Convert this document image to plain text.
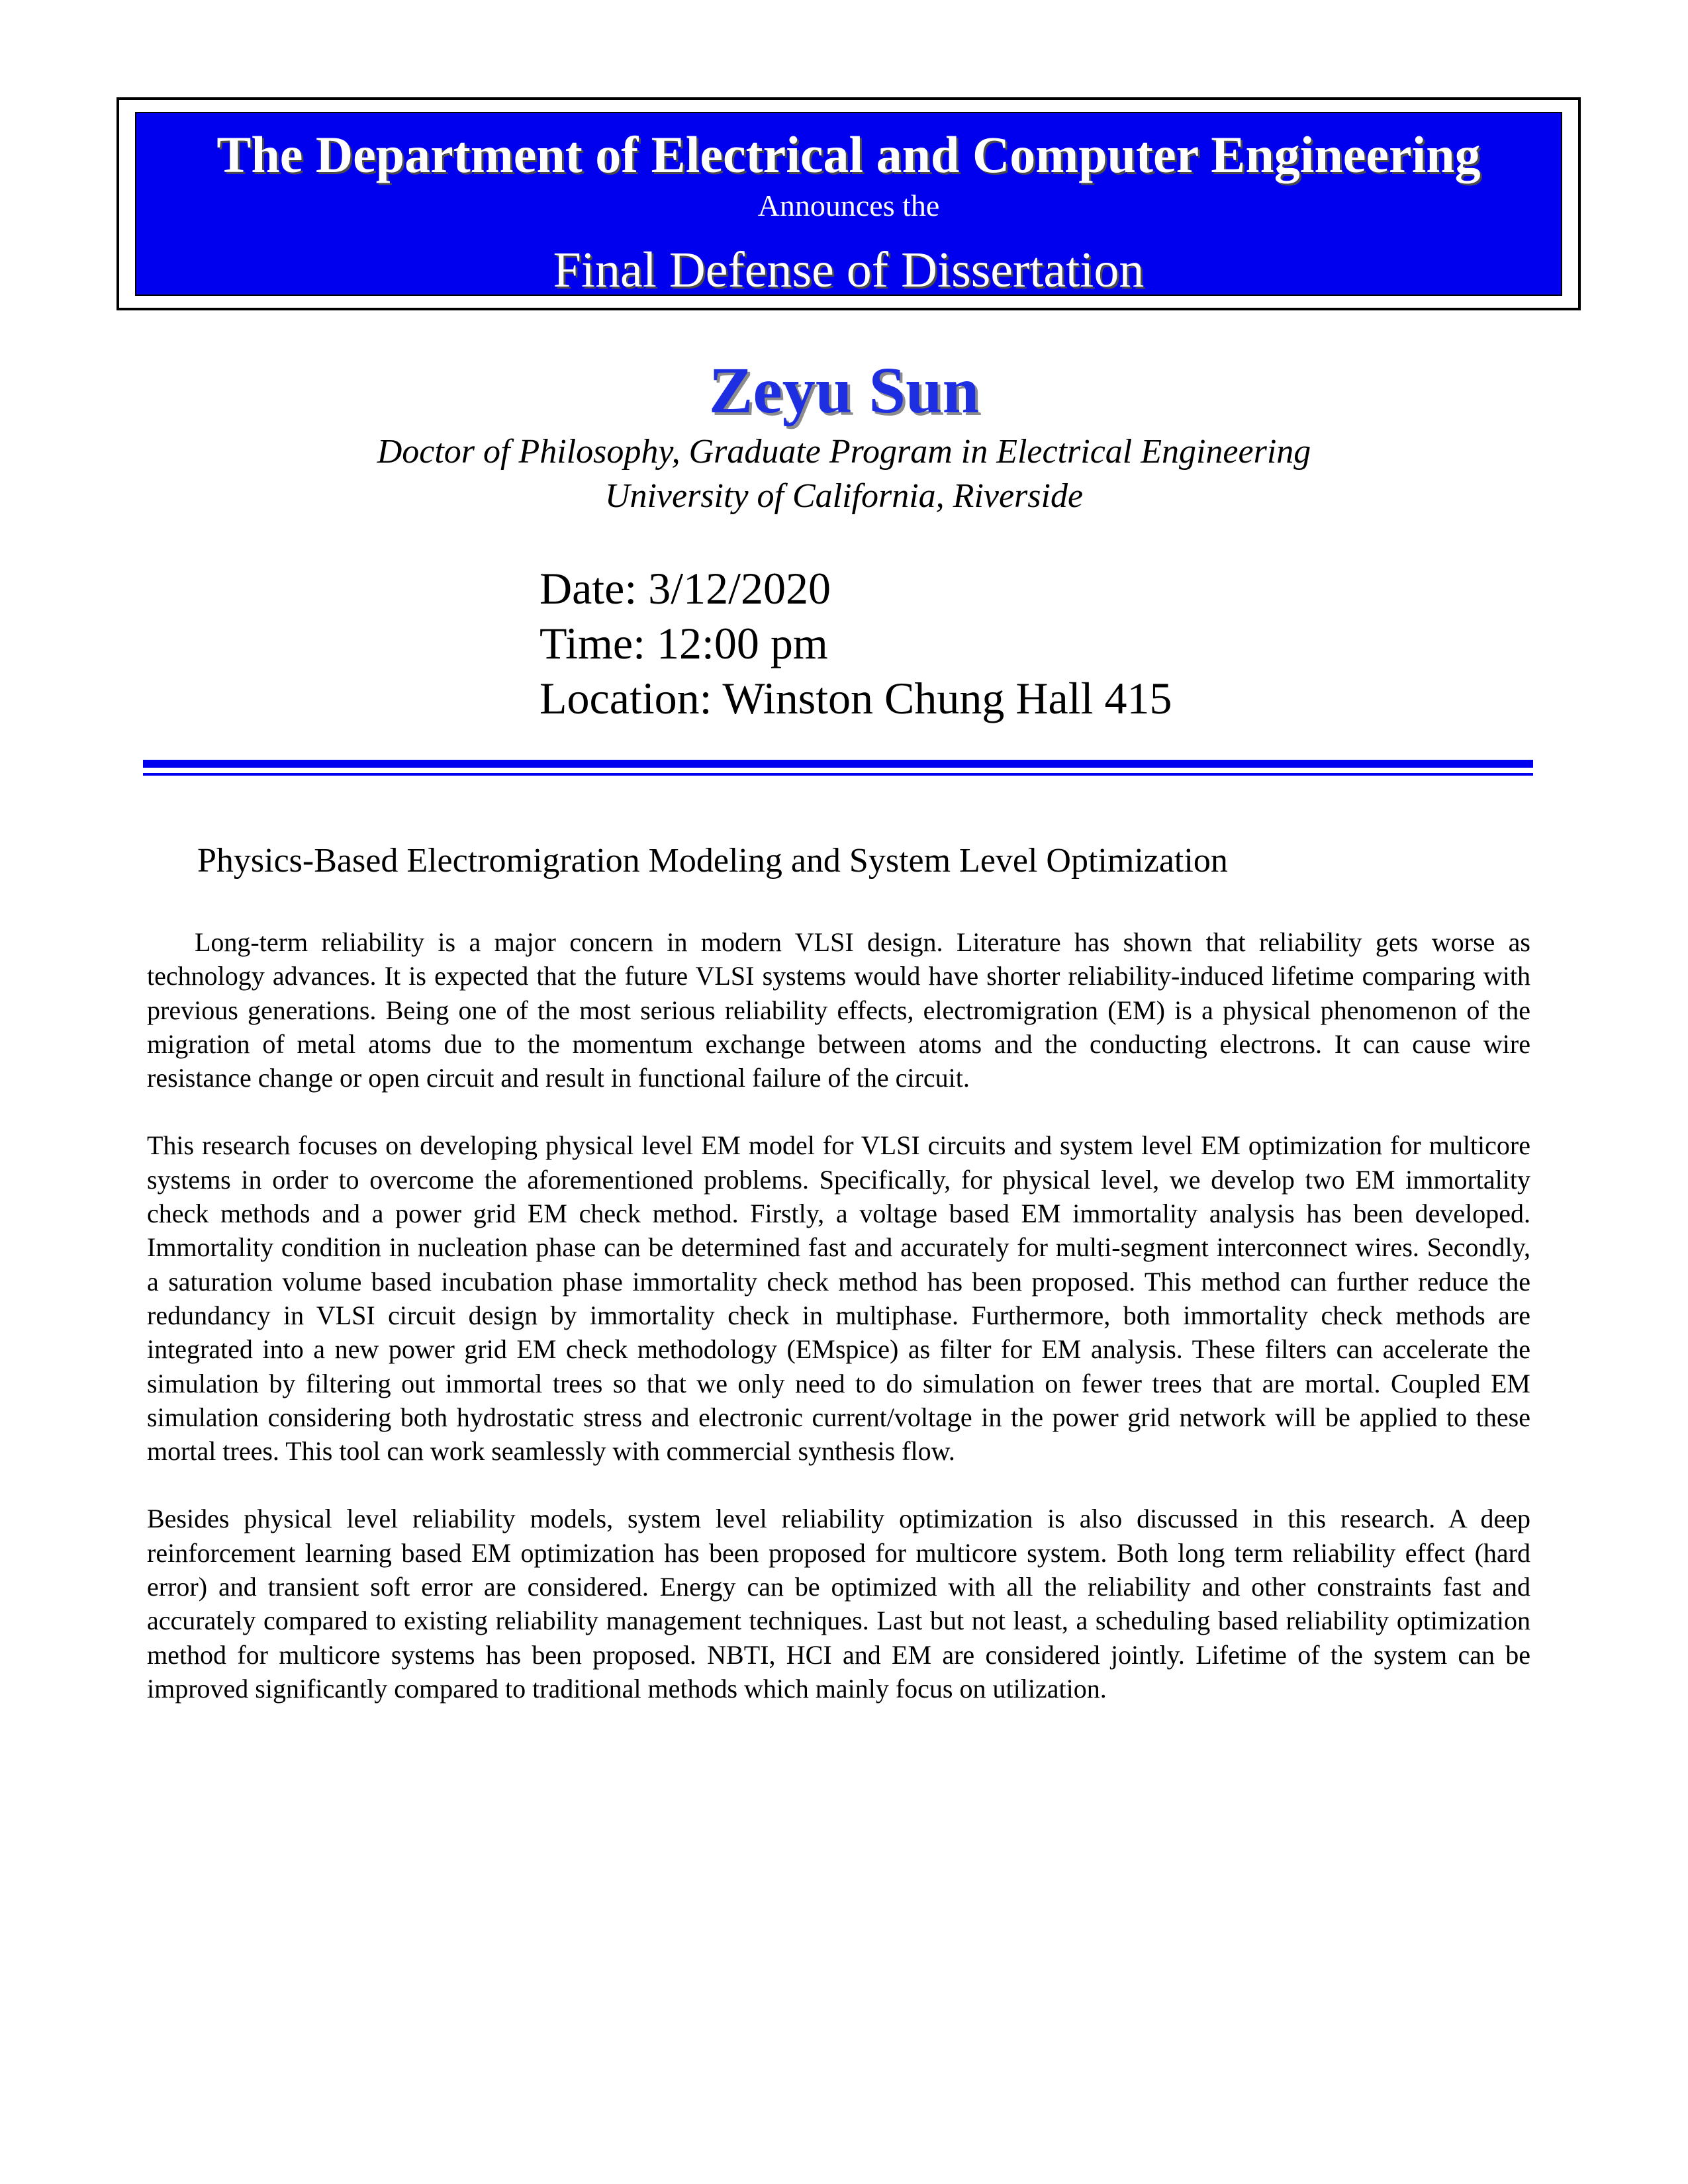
The Department of Electrical and Computer Engineering
Announces the
Final Defense of Dissertation
Zeyu Sun
Doctor of Philosophy, Graduate Program in Electrical Engineering
University of California, Riverside
Date: 3/12/2020
Time: 12:00 pm
Location: Winston Chung Hall 415
Physics-Based Electromigration Modeling and System Level Optimization

Long-term reliability is a major concern in modern VLSI design. Literature has shown that reliability gets worse as technology advances. It is expected that the future VLSI systems would have shorter reliability-induced lifetime comparing with previous generations. Being one of the most serious reliability effects, electromigration (EM) is a physical phenomenon of the migration of metal atoms due to the momentum exchange between atoms and the conducting electrons. It can cause wire resistance change or open circuit and result in functional failure of the circuit.

This research focuses on developing physical level EM model for VLSI circuits and system level EM optimization for multicore systems in order to overcome the aforementioned problems. Specifically, for physical level, we develop two EM immortality check methods and a power grid EM check method. Firstly, a voltage based EM immortality analysis has been developed. Immortality condition in nucleation phase can be determined fast and accurately for multi-segment interconnect wires. Secondly, a saturation volume based incubation phase immortality check method has been proposed. This method can further reduce the redundancy in VLSI circuit design by immortality check in multiphase. Furthermore, both immortality check methods are integrated into a new power grid EM check methodology (EMspice) as filter for EM analysis. These filters can accelerate the simulation by filtering out immortal trees so that we only need to do simulation on fewer trees that are mortal. Coupled EM simulation considering both hydrostatic stress and electronic current/voltage in the power grid network will be applied to these mortal trees. This tool can work seamlessly with commercial synthesis flow.

Besides physical level reliability models, system level reliability optimization is also discussed in this research. A deep reinforcement learning based EM optimization has been proposed for multicore system. Both long term reliability effect (hard error) and transient soft error are considered. Energy can be optimized with all the reliability and other constraints fast and accurately compared to existing reliability management techniques. Last but not least, a scheduling based reliability optimization method for multicore systems has been proposed. NBTI, HCI and EM are considered jointly. Lifetime of the system can be improved significantly compared to traditional methods which mainly focus on utilization.
